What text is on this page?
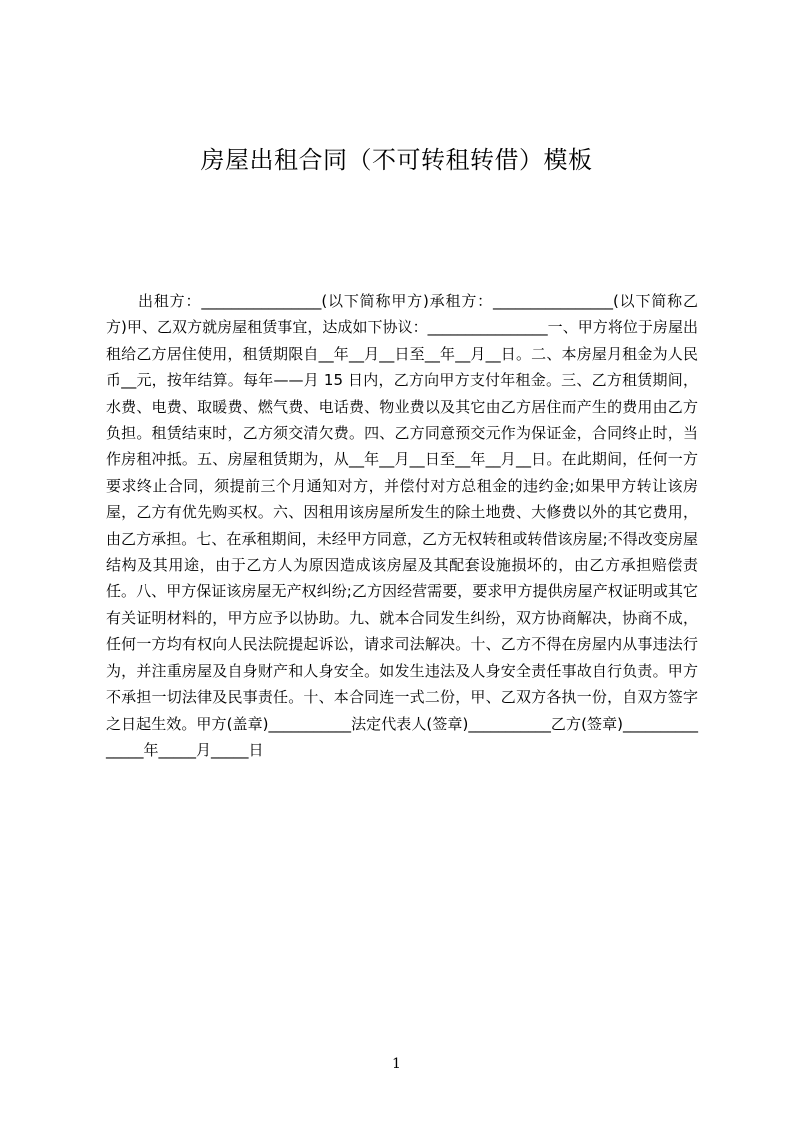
房屋出租合同（不可转租转借）模板

出租方：________________(以下简称甲方)承租方：________________(以下简称乙方)甲、乙双方就房屋租赁事宜，达成如下协议：________________一、甲方将位于房屋出租给乙方居住使用，租赁期限自__年__月__日至__年__月__日。二、本房屋月租金为人民币__元，按年结算。每年——月 15 日内，乙方向甲方支付年租金。三、乙方租赁期间，水费、电费、取暖费、燃气费、电话费、物业费以及其它由乙方居住而产生的费用由乙方负担。租赁结束时，乙方须交清欠费。四、乙方同意预交元作为保证金，合同终止时，当作房租冲抵。五、房屋租赁期为，从__年__月__日至__年__月__日。在此期间，任何一方要求终止合同，须提前三个月通知对方，并偿付对方总租金的违约金;如果甲方转让该房屋，乙方有优先购买权。六、因租用该房屋所发生的除土地费、大修费以外的其它费用，由乙方承担。七、在承租期间，未经甲方同意，乙方无权转租或转借该房屋;不得改变房屋结构及其用途，由于乙方人为原因造成该房屋及其配套设施损坏的，由乙方承担赔偿责任。八、甲方保证该房屋无产权纠纷;乙方因经营需要，要求甲方提供房屋产权证明或其它有关证明材料的，甲方应予以协助。九、就本合同发生纠纷，双方协商解决，协商不成，任何一方均有权向人民法院提起诉讼，请求司法解决。十、乙方不得在房屋内从事违法行为，并注重房屋及自身财产和人身安全。如发生违法及人身安全责任事故自行负责。甲方不承担一切法律及民事责任。十、本合同连一式二份，甲、乙双方各执一份，自双方签字之日起生效。甲方(盖章)___________法定代表人(签章)___________乙方(签章)_______________年_____月_____日

1
